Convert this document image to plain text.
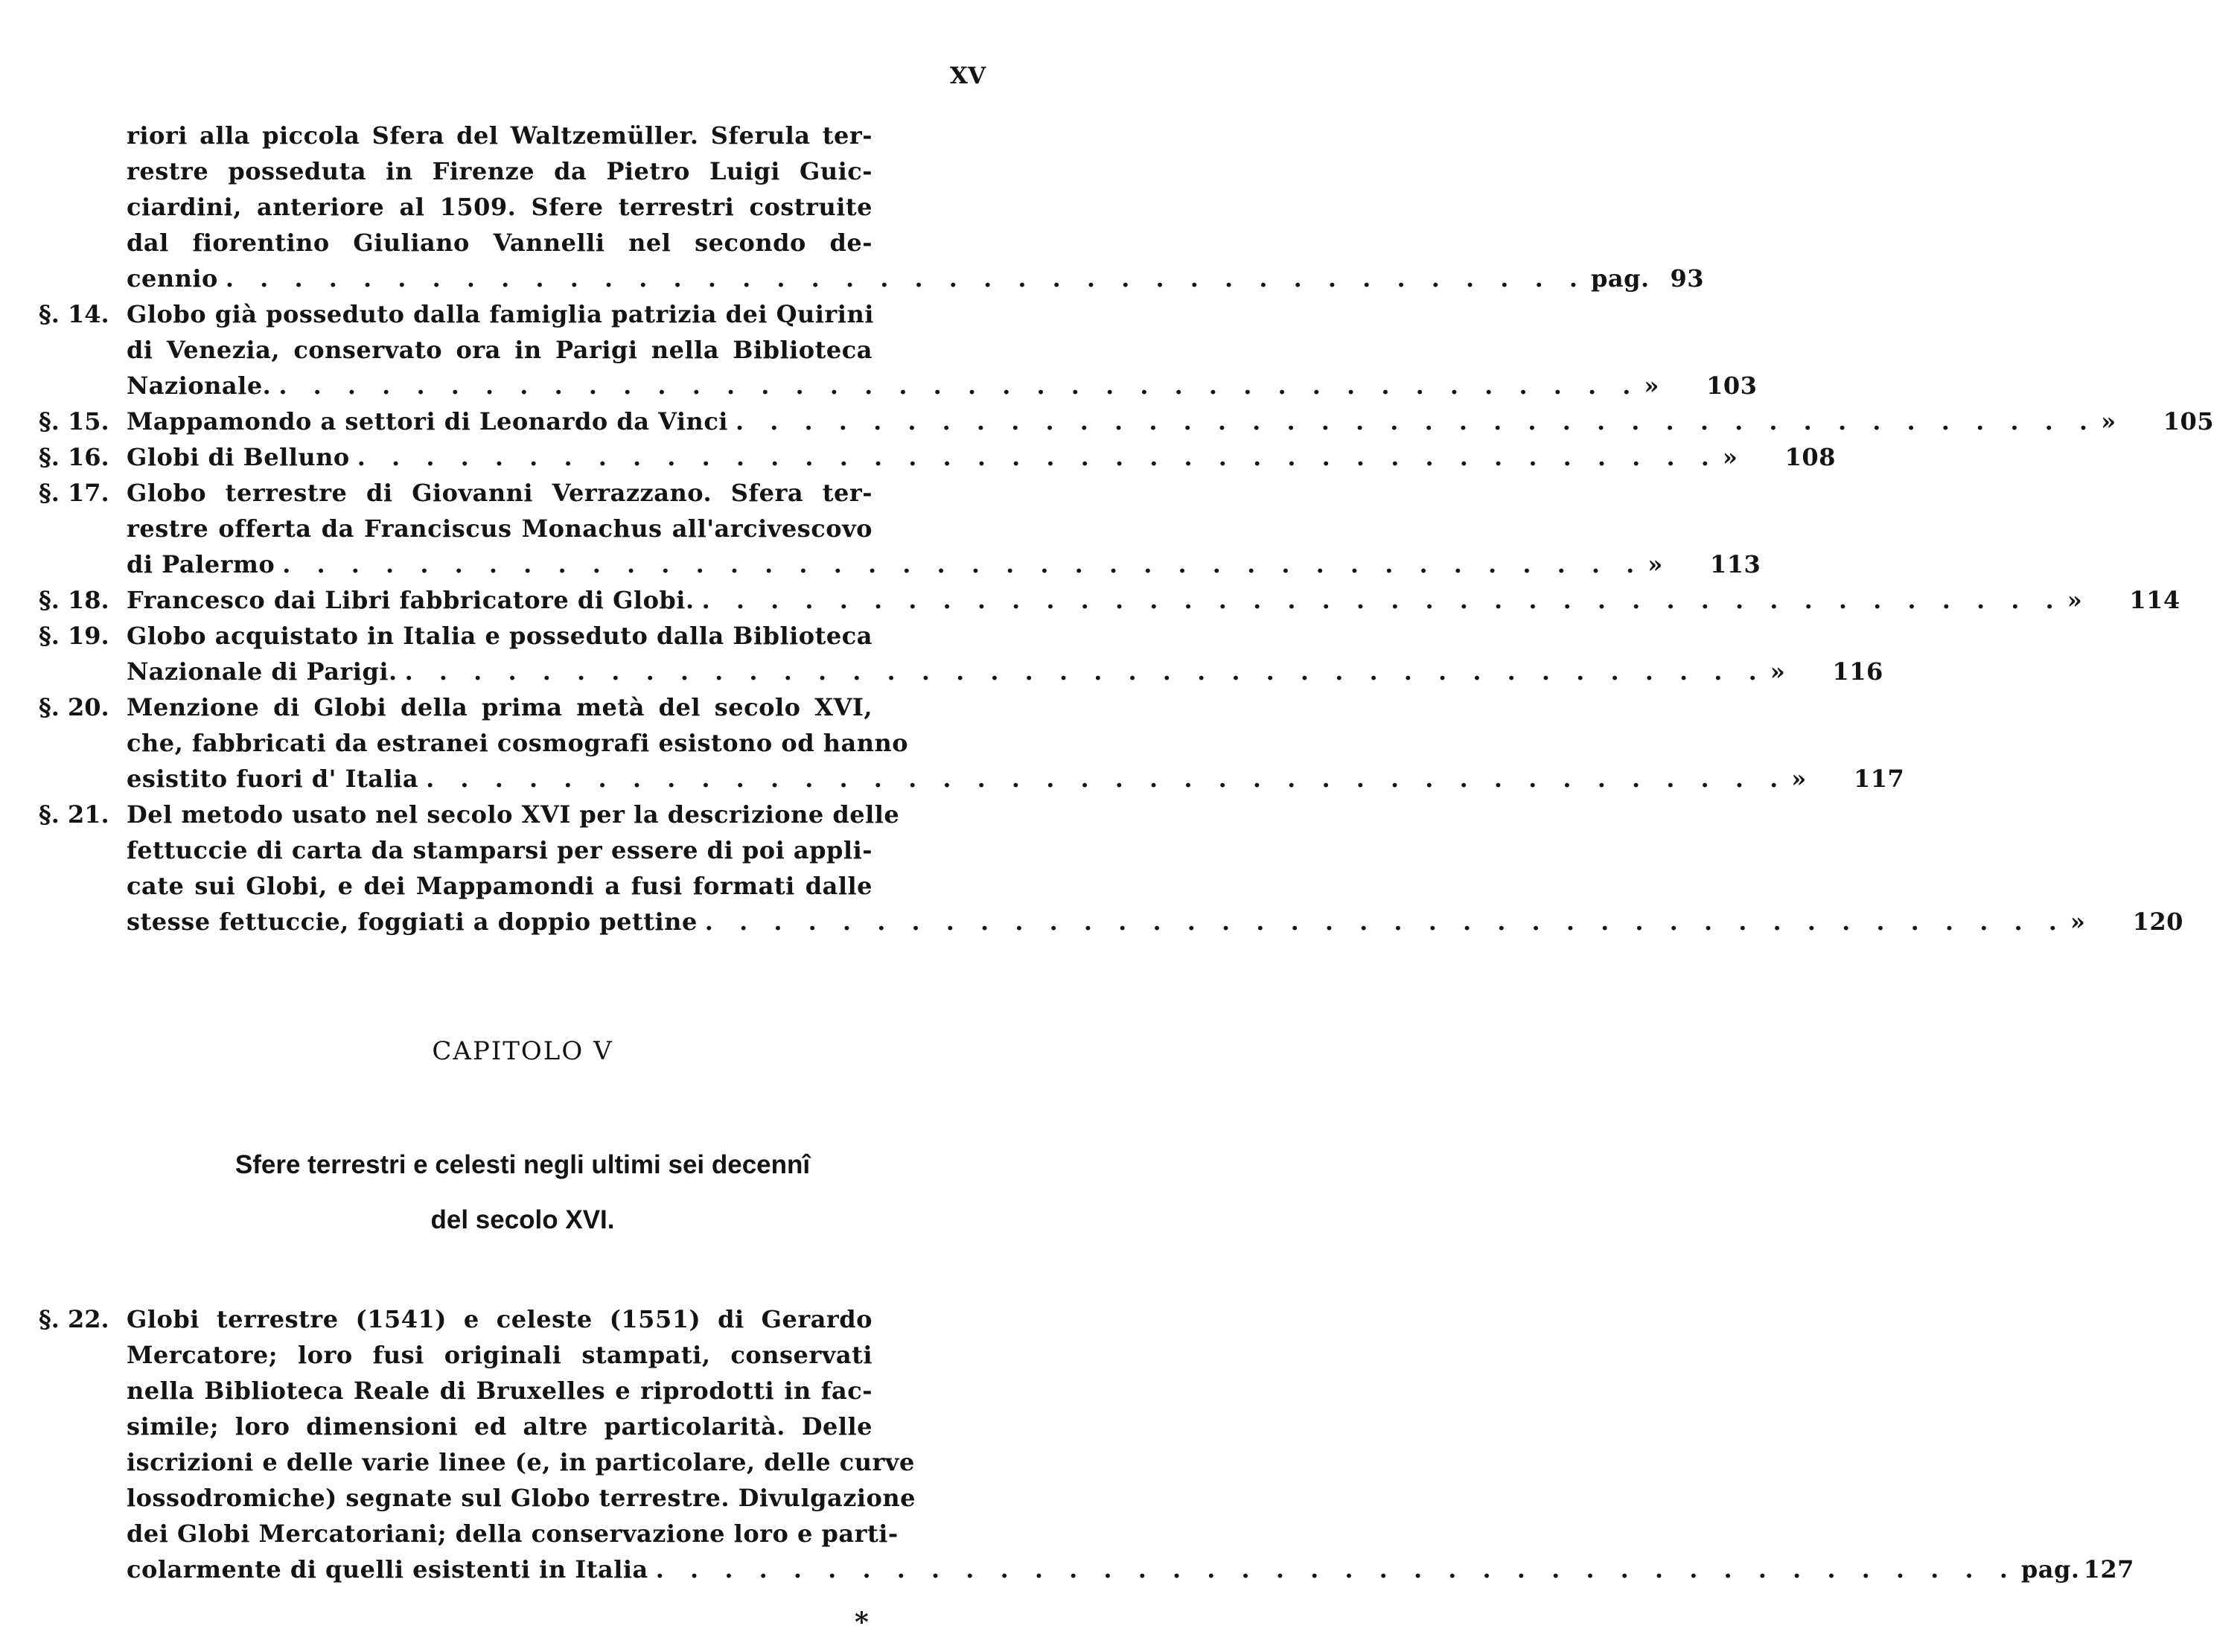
XV
riori alla piccola Sfera del Waltzemüller. Sferula ter-
restre posseduta in Firenze da Pietro Luigi Guic-
ciardini, anteriore al 1509. Sfere terrestri costruite
dal fiorentino Giuliano Vannelli nel secondo de-
cennio . . . . . . . . . . . . . . . . . . . . . . . . . . . . . . . . . . . . . . . . pag. 93
§. 14. Globo già posseduto dalla famiglia patrizia dei Quirini
di Venezia, conservato ora in Parigi nella Biblioteca
Nazionale. . . . . . . . . . . . . . . . . . . . . . . . . . . . . . . . . . . . . . . . . » 103
§. 15. Mappamondo a settori di Leonardo da Vinci . . . . . . . . . . . . . . . . . . . . . . . . . . . . . . . . . . . . . . . . » 105
§. 16. Globi di Belluno . . . . . . . . . . . . . . . . . . . . . . . . . . . . . . . . . . . . . . . . » 108
§. 17. Globo terrestre di Giovanni Verrazzano. Sfera ter-
restre offerta da Franciscus Monachus all'arcivescovo
di Palermo . . . . . . . . . . . . . . . . . . . . . . . . . . . . . . . . . . . . . . . . » 113
§. 18. Francesco dai Libri fabbricatore di Globi. . . . . . . . . . . . . . . . . . . . . . . . . . . . . . . . . . . . . . . . . » 114
§. 19. Globo acquistato in Italia e posseduto dalla Biblioteca
Nazionale di Parigi. . . . . . . . . . . . . . . . . . . . . . . . . . . . . . . . . . . . . . . . . » 116
§. 20. Menzione di Globi della prima metà del secolo XVI,
che, fabbricati da estranei cosmografi esistono od hanno
esistito fuori d' Italia . . . . . . . . . . . . . . . . . . . . . . . . . . . . . . . . . . . . . . . . » 117
§. 21. Del metodo usato nel secolo XVI per la descrizione delle
fettuccie di carta da stamparsi per essere di poi appli-
cate sui Globi, e dei Mappamondi a fusi formati dalle
stesse fettuccie, foggiati a doppio pettine . . . . . . . . . . . . . . . . . . . . . . . . . . . . . . . . . . . . . . . . » 120
CAPITOLO V
Sfere terrestri e celesti negli ultimi sei decennî
del secolo XVI.
§. 22. Globi terrestre (1541) e celeste (1551) di Gerardo
Mercatore; loro fusi originali stampati, conservati
nella Biblioteca Reale di Bruxelles e riprodotti in fac-
simile; loro dimensioni ed altre particolarità. Delle
iscrizioni e delle varie linee (e, in particolare, delle curve
lossodromiche) segnate sul Globo terrestre. Divulgazione
dei Globi Mercatoriani; della conservazione loro e parti-
colarmente di quelli esistenti in Italia . . . . . . . . . . . . . . . . . . . . . . . . . . . . . . . . . . . . . . . . pag. 127
*
